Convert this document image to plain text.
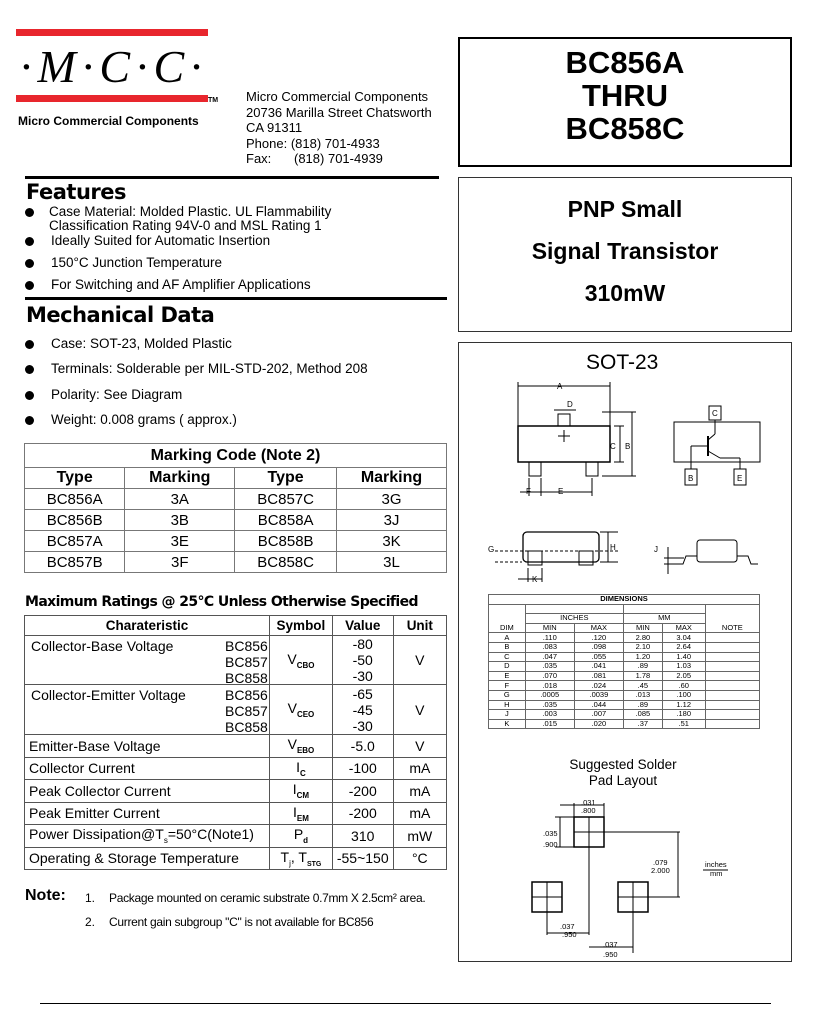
·M·C·C·
TM
Micro Commercial Components
Micro Commercial Components
20736 Marilla Street Chatsworth
CA 91311
Phone: (818) 701-4933
Fax: (818) 701-4939
BC856A
THRU
BC858C
PNP Small
Signal Transistor
310mW
Features
Case Material: Molded Plastic. UL Flammability
Classification Rating 94V-0 and MSL Rating 1
Ideally Suited for Automatic Insertion
150°C Junction Temperature
For Switching and AF Amplifier Applications
Mechanical Data
Case: SOT-23, Molded Plastic
Terminals: Solderable per MIL-STD-202, Method 208
Polarity: See Diagram
Weight: 0.008 grams ( approx.)
Marking Code (Note 2)			
Type	Marking	Type	Marking
BC856A	3A	BC857C	3G
BC856B	3B	BC858A	3J
BC857A	3E	BC858B	3K
BC857B	3F	BC858C	3L
Maximum Ratings @ 25°C Unless Otherwise Specified
Charateristic	Symbol	Value	Unit

Collector-Base Voltage BC856
BC857
BC858	$V_{CBO}$	-80
-50
-30	V

Collector-Emitter Voltage BC856
BC857
BC858	$V_{CEO}$	-65
-45
-30	V
Emitter-Base Voltage	$V_{EBO}$	-5.0	V
Collector Current	$I_C$	-100	mA
Peak Collector Current	$I_{CM}$	-200	mA
Peak Emitter Current	$I_{EM}$	-200	mA
Power $Dissipation@T_s=50^\circ C(Note1)$	$P_d$	310	mW
Operating & Storage Temperature	$T_j$, $T_{STG}$	-55~150	°C
Note: 1. Package mounted on ceramic substrate 0.7mm X 2.5cm² area.
2. Current gain subgroup "C" is not available for BC856
SOT-23
A
D
C B
F	E
G	H
K
J
C
B	E
DIMENSIONS					
DIM					NOTE
	INCHES		MM		
	MIN	MAX	MIN	MAX	
A	.110	.120	2.80	3.04	
B	.083	.098	2.10	2.64	
C	.047	.055	1.20	1.40	
D	.035	.041	.89	1.03	
E	.070	.081	1.78	2.05	
F	.018	.024	.45	.60	
G	.0005	.0039	.013	.100	
H	.035	.044	.89	1.12	
J	.003	.007	.085	.180	
K	.015	.020	.37	.51	
Suggested Solder
Pad Layout
.031
.800
.035
.900
.079
2.000
inches
mm
.037
.950
.037
.950
